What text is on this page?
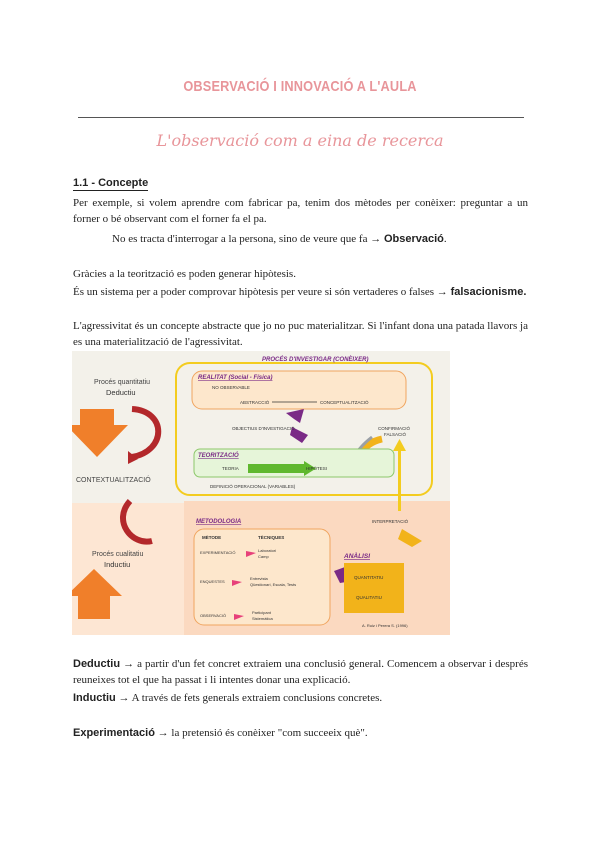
OBSERVACIÓ I INNOVACIÓ A L'AULA
L'observació com a eina de recerca
1.1 - Concepte
Per exemple, si volem aprendre com fabricar pa, tenim dos mètodes per conèixer: preguntar a un forner o bé observant com el forner fa el pa.
No es tracta d'interrogar a la persona, sino de veure que fa → Observació.
Gràcies a la teorització es poden generar hipòtesis.
És un sistema per a poder comprovar hipòtesis per veure si són vertaderes o falses → falsacionisme.
L'agressivitat és un concepte abstracte que jo no puc materialitzar. Si l'infant dona una patada llavors ja es una materialització de l'agressivitat.
PROCÉS D'INVESTIGAR (CONÈIXER)
Procés quantitatiu
Deductiu
CONTEXTUALITZACIÓ
Procés cualitatiu
Inductiu
REALITAT (Social - Física)
NO OBSERVABLE
ABSTRACCIÓ	CONCEPTUALITZACIÓ
OBJECTIUS D'INVESTIGACIÓ	CONFIRMACIÓ
FALSACIÓ
TEORITZACIÓ
TEORIA	HIPÒTESI
DEFINICIÓ OPERACIONAL (VARIABLES)
INTERPRETACIÓ
METODOLOGIA
MÈTODE	TÈCNIQUES
EXPERIMENTACIÓ	Laboratori
Camp
ENQUESTES
Entrevista
Qüestionari, Escala, Tests
OBSERVACIÓ
Participant
Sistemàtica
ANÀLISI
QUANTITATIU
QUALITATIU
A. Ruiz i Perera S. (1996)
Deductiu → a partir d'un fet concret extraiem una conclusió general. Comencem a observar i després reuneixes tot el que ha passat i li intentes donar una explicació.
Inductiu → A través de fets generals extraiem conclusions concretes.
Experimentació → la pretensió és conèixer "com succeeix què".
